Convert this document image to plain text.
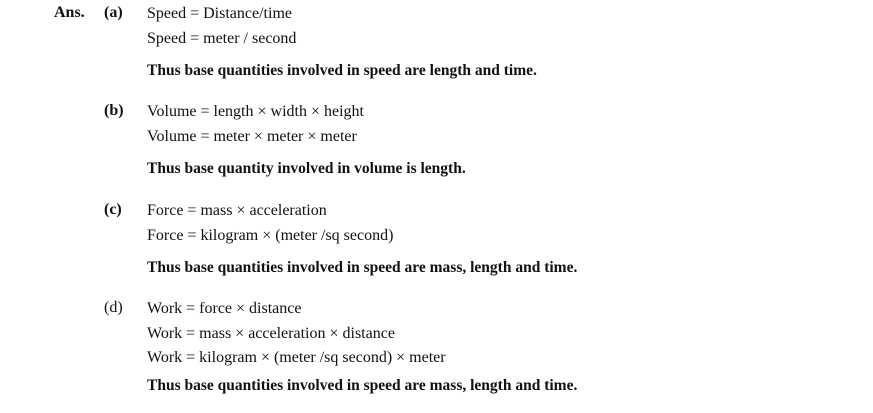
Ans. (a)	Speed = Distance/time
Speed = meter / second
Thus base quantities involved in speed are length and time.
(b)	Volume = length × width × height
Volume = meter × meter × meter
Thus base quantity involved in volume is length.
(c)	Force = mass × acceleration
Force = kilogram × (meter /sq second)
Thus base quantities involved in speed are mass, length and time.
(d)	Work = force × distance
Work = mass × acceleration × distance
Work = kilogram × (meter /sq second) × meter
Thus base quantities involved in speed are mass, length and time.
